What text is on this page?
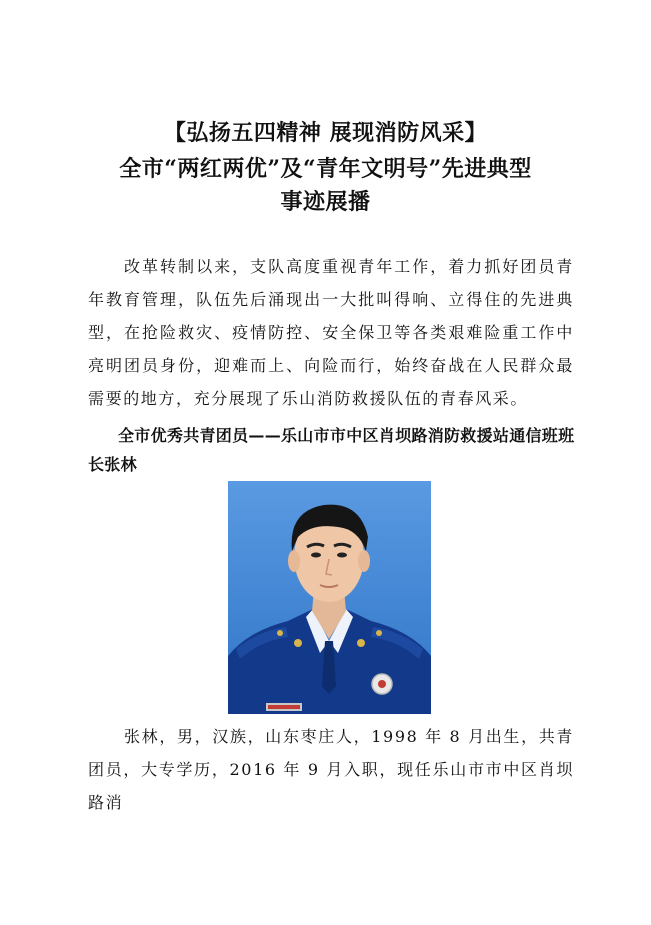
【弘扬五四精神 展现消防风采】
全市“两红两优”及“青年文明号”先进典型
事迹展播

改革转制以来，支队高度重视青年工作，着力抓好团员青年教育管理，队伍先后涌现出一大批叫得响、立得住的先进典型，在抢险救灾、疫情防控、安全保卫等各类艰难险重工作中亮明团员身份，迎难而上、向险而行，始终奋战在人民群众最需要的地方，充分展现了乐山消防救援队伍的青春风采。

全市优秀共青团员——乐山市市中区肖坝路消防救援站通信班班长张林

张林，男，汉族，山东枣庄人，1998 年 8 月出生，共青团员，大专学历，2016 年 9 月入职，现任乐山市市中区肖坝路消
